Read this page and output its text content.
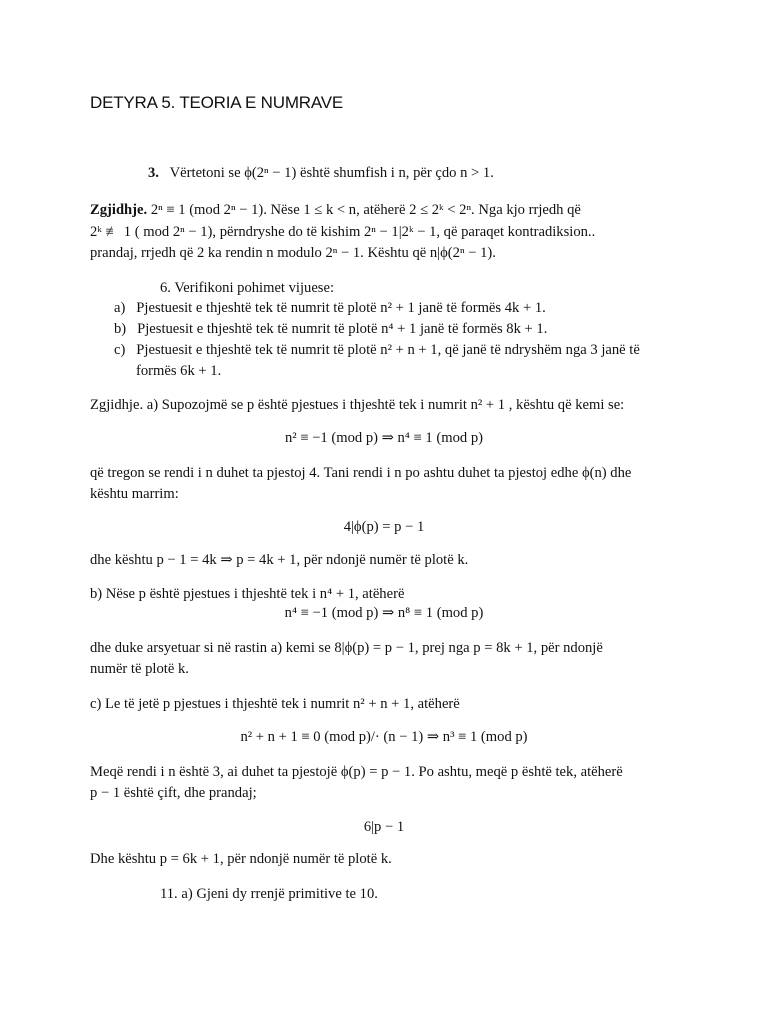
DETYRA 5. TEORIA E NUMRAVE
3. Vërtetoni se ϕ(2ⁿ − 1) është shumfish i n, për çdo n > 1.
Zgjidhje. 2ⁿ ≡ 1 (mod 2ⁿ − 1). Nëse 1 ≤ k < n, atëherë 2 ≤ 2ᵏ < 2ⁿ. Nga kjo rrjedh që
2ᵏ ≢ 1 ( mod 2ⁿ − 1), përndryshe do të kishim 2ⁿ − 1|2ᵏ − 1, që paraqet kontradiksion..
prandaj, rrjedh që 2 ka rendin n modulo 2ⁿ − 1. Kështu që n|ϕ(2ⁿ − 1).
6. Verifikoni pohimet vijuese:
a) Pjestuesit e thjeshtë tek të numrit të plotë n² + 1 janë të formës 4k + 1.
b) Pjestuesit e thjeshtë tek të numrit të plotë n⁴ + 1 janë të formës 8k + 1.
c) Pjestuesit e thjeshtë tek të numrit të plotë n² + n + 1, që janë të ndryshëm nga 3 janë të
formës 6k + 1.
Zgjidhje. a) Supozojmë se p është pjestues i thjeshtë tek i numrit n² + 1 , kështu që kemi se:
n² ≡ −1 (mod p) ⇒ n⁴ ≡ 1 (mod p)
që tregon se rendi i n duhet ta pjestoj 4. Tani rendi i n po ashtu duhet ta pjestoj edhe ϕ(n) dhe
kështu marrim:
4|ϕ(p) = p − 1
dhe kështu p − 1 = 4k ⇒ p = 4k + 1, për ndonjë numër të plotë k.
b) Nëse p është pjestues i thjeshtë tek i n⁴ + 1, atëherë
n⁴ ≡ −1 (mod p) ⇒ n⁸ ≡ 1 (mod p)
dhe duke arsyetuar si në rastin a) kemi se 8|ϕ(p) = p − 1, prej nga p = 8k + 1, për ndonjë
numër të plotë k.
c) Le të jetë p pjestues i thjeshtë tek i numrit n² + n + 1, atëherë
n² + n + 1 ≡ 0 (mod p)/· (n − 1) ⇒ n³ ≡ 1 (mod p)
Meqë rendi i n është 3, ai duhet ta pjestojë ϕ(p) = p − 1. Po ashtu, meqë p është tek, atëherë
p − 1 është çift, dhe prandaj;
6|p − 1
Dhe kështu p = 6k + 1, për ndonjë numër të plotë k.
11. a) Gjeni dy rrenjë primitive te 10.
